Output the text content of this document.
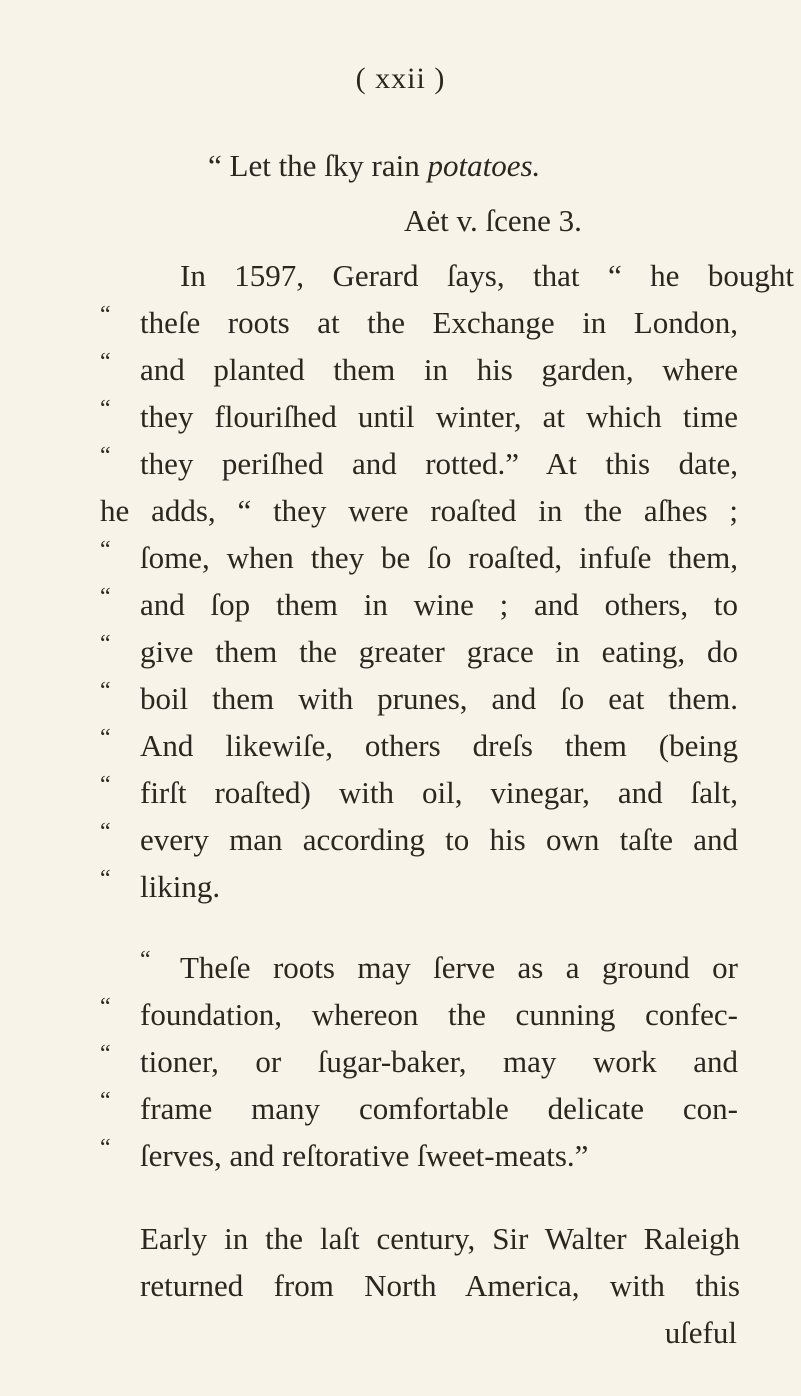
( xxii )
“ Let the ſky rain potatoes.
Aėt v. ſcene 3.
In 1597, Gerard ſays, that “ he bought
“ theſe roots at the Exchange in London,
“ and planted them in his garden, where
“ they flouriſhed until winter, at which time
“ they periſhed and rotted.” At this date,
he adds, “ they were roaſted in the aſhes ;
“ ſome, when they be ſo roaſted, infuſe them,
“ and ſop them in wine ; and others, to
“ give them the greater grace in eating, do
“ boil them with prunes, and ſo eat them.
“ And likewiſe, others dreſs them (being
“ firſt roaſted) with oil, vinegar, and ſalt,
“ every man according to his own taſte and
“ liking.
“ Theſe roots may ſerve as a ground or
“ foundation, whereon the cunning confec-
“ tioner, or ſugar-baker, may work and
“ frame many comfortable delicate con-
“ ſerves, and reſtorative ſweet-meats.”
Early in the laſt century, Sir Walter Raleigh
returned from North America, with this
uſeful
